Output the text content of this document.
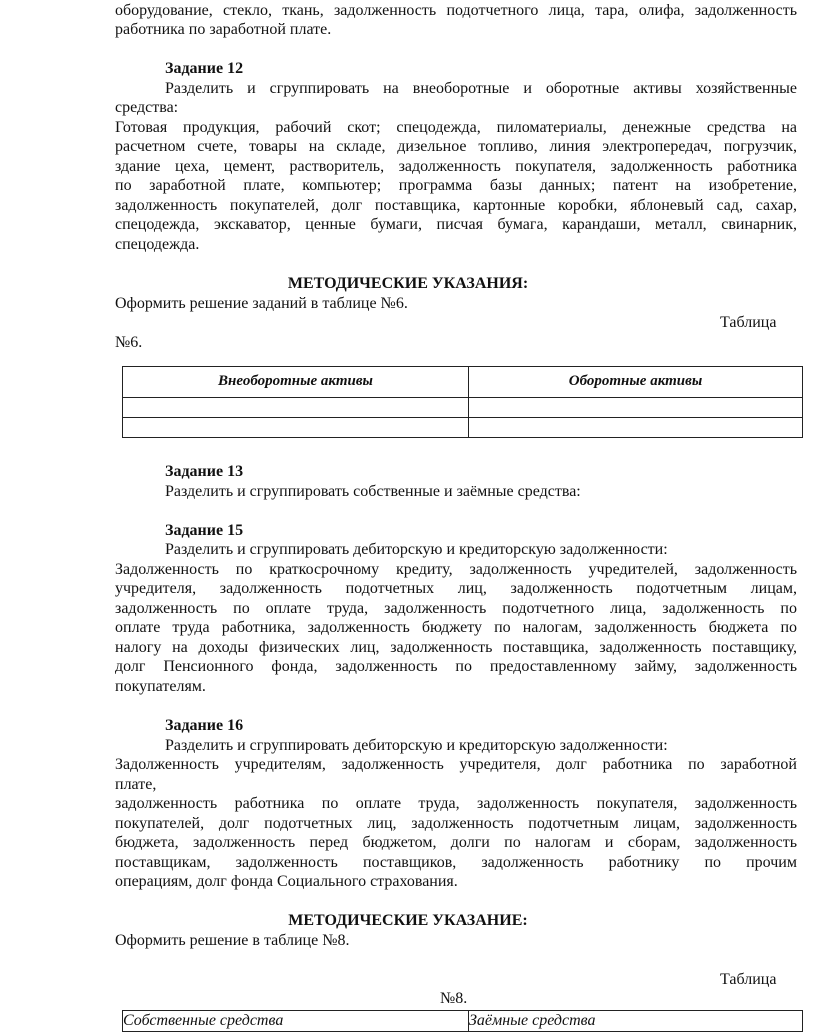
оборудование, стекло, ткань, задолженность подотчетного лица, тара, олифа, задолженность

работника по заработной плате.

Задание 12

Разделить и сгруппировать на внеоборотные и оборотные активы хозяйственные

средства:

Готовая продукция, рабочий скот; спецодежда, пиломатериалы, денежные средства на

расчетном счете, товары на складе, дизельное топливо, линия электропередач, погрузчик,

здание цеха, цемент, растворитель, задолженность покупателя, задолженность работника

по заработной плате, компьютер; программа базы данных; патент на изобретение,

задолженность покупателей, долг поставщика, картонные коробки, яблоневый сад, сахар,

спецодежда, экскаватор, ценные бумаги, писчая бумага, карандаши, металл, свинарник,

спецодежда.

МЕТОДИЧЕСКИЕ УКАЗАНИЯ:

Оформить решение заданий в таблице №6.

Таблица

№6.

Внеоборотные активы	Оборотные активы

Задание 13

Разделить и сгруппировать собственные и заёмные средства:

Задание 15

Разделить и сгруппировать дебиторскую и кредиторскую задолженности:

Задолженность по краткосрочному кредиту, задолженность учредителей, задолженность

учредителя, задолженность подотчетных лиц, задолженность подотчетным лицам,

задолженность по оплате труда, задолженность подотчетного лица, задолженность по

оплате труда работника, задолженность бюджету по налогам, задолженность бюджета по

налогу на доходы физических лиц, задолженность поставщика, задолженность поставщику,

долг Пенсионного фонда, задолженность по предоставленному займу, задолженность

покупателям.

Задание 16

Разделить и сгруппировать дебиторскую и кредиторскую задолженности:

Задолженность учредителям, задолженность учредителя, долг работника по заработной

плате,

задолженность работника по оплате труда, задолженность покупателя, задолженность

покупателей, долг подотчетных лиц, задолженность подотчетным лицам, задолженность

бюджета, задолженность перед бюджетом, долги по налогам и сборам, задолженность

поставщикам, задолженность поставщиков, задолженность работнику по прочим

операциям, долг фонда Социального страхования.

МЕТОДИЧЕСКИЕ УКАЗАНИЕ:

Оформить решение в таблице №8.

Таблица

№8.

Собственные средства	Заёмные средства
